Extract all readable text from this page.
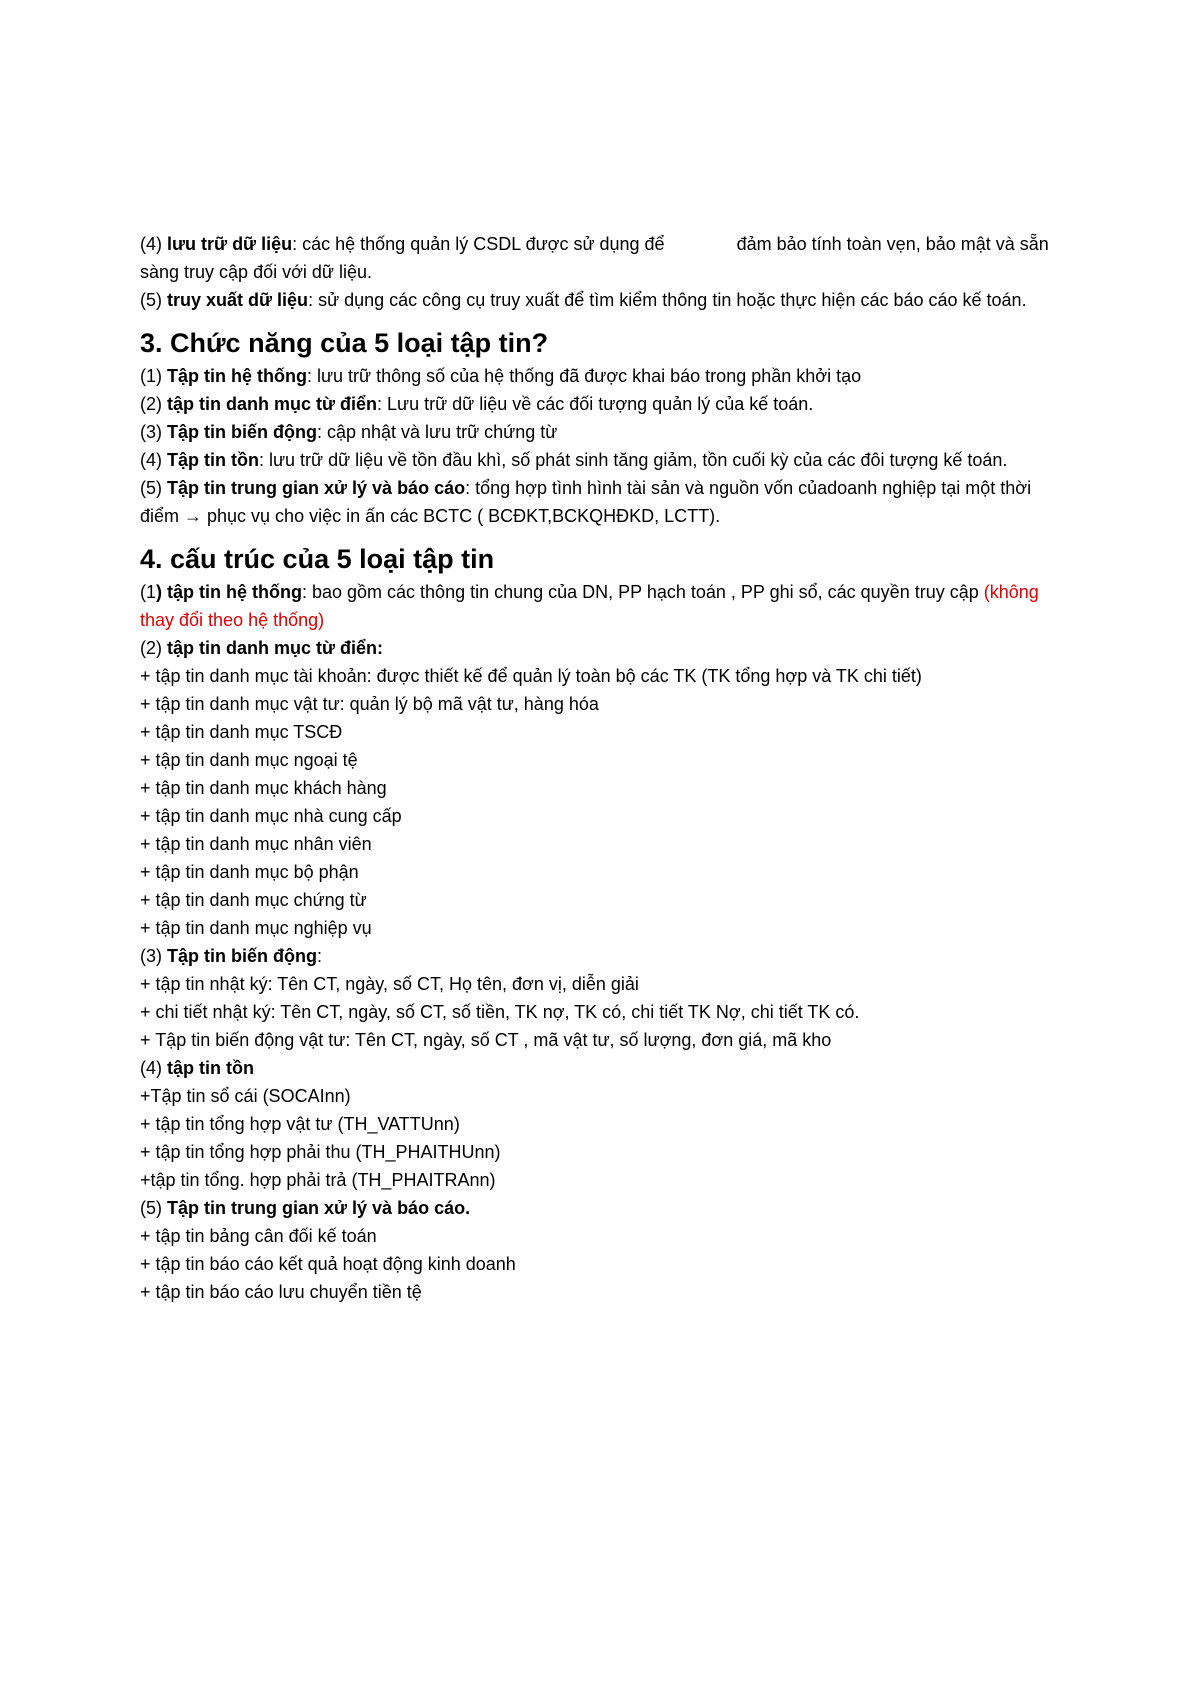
(4) lưu trữ dữ liệu: các hệ thống quản lý CSDL được sử dụng để	đảm bảo tính toàn vẹn, bảo mật và sẵn
sàng truy cập đối với dữ liệu.
(5) truy xuất dữ liệu: sử dụng các công cụ truy xuất để tìm kiểm thông tin hoặc thực hiện các báo cáo kế toán.
3. Chức năng của 5 loại tập tin?
(1) Tập tin hệ thống: lưu trữ thông số của hệ thống đã được khai báo trong phần khởi tạo
(2) tập tin danh mục từ điển: Lưu trữ dữ liệu về các đối tượng quản lý của kế toán.
(3) Tập tin biến động: cập nhật và lưu trữ chứng từ
(4) Tập tin tồn: lưu trữ dữ liệu về tồn đầu khì, số phát sinh tăng giảm, tồn cuối kỳ của các đôi tượng kế toán.
(5) Tập tin trung gian xử lý và báo cáo: tổng hợp tình hình tài sản và nguồn vốn củadoanh nghiệp tại một thời điểm → phục vụ cho việc in ấn các BCTC ( BCĐKT,BCKQHĐKD, LCTT).
4. cấu trúc của 5 loại tập tin
(1) tập tin hệ thống: bao gồm các thông tin chung của DN, PP hạch toán , PP ghi sổ, các quyền truy cập (không thay đổi theo hệ thống)
(2) tập tin danh mục từ điển:
+ tập tin danh mục tài khoản: được thiết kế để quản lý toàn bộ các TK (TK tổng hợp và TK chi tiết)
+ tập tin danh mục vật tư: quản lý bộ mã vật tư, hàng hóa
+ tập tin danh mục TSCĐ
+ tập tin danh mục ngoại tệ
+ tập tin danh mục khách hàng
+ tập tin danh mục nhà cung cấp
+ tập tin danh mục nhân viên
+ tập tin danh mục bộ phận
+ tập tin danh mục chứng từ
+ tập tin danh mục nghiệp vụ
(3) Tập tin biến động:
+ tập tin nhật ký: Tên CT, ngày, số CT, Họ tên, đơn vị, diễn giải
+ chi tiết nhật ký: Tên CT, ngày, số CT, số tiền, TK nợ, TK có, chi tiết TK Nợ, chi tiết TK có.
+ Tập tin biến động vật tư: Tên CT, ngày, số CT , mã vật tư, số lượng, đơn giá, mã kho
(4) tập tin tồn
+Tập tin sổ cái (SOCAInn)
+ tập tin tổng hợp vật tư (TH_VATTUnn)
+ tập tin tổng hợp phải thu (TH_PHAITHUnn)
+tập tin tổng. hợp phải trả (TH_PHAITRAnn)
(5) Tập tin trung gian xử lý và báo cáo.
+ tập tin bảng cân đối kế toán
+ tập tin báo cáo kết quả hoạt động kinh doanh
+ tập tin báo cáo lưu chuyển tiền tệ
